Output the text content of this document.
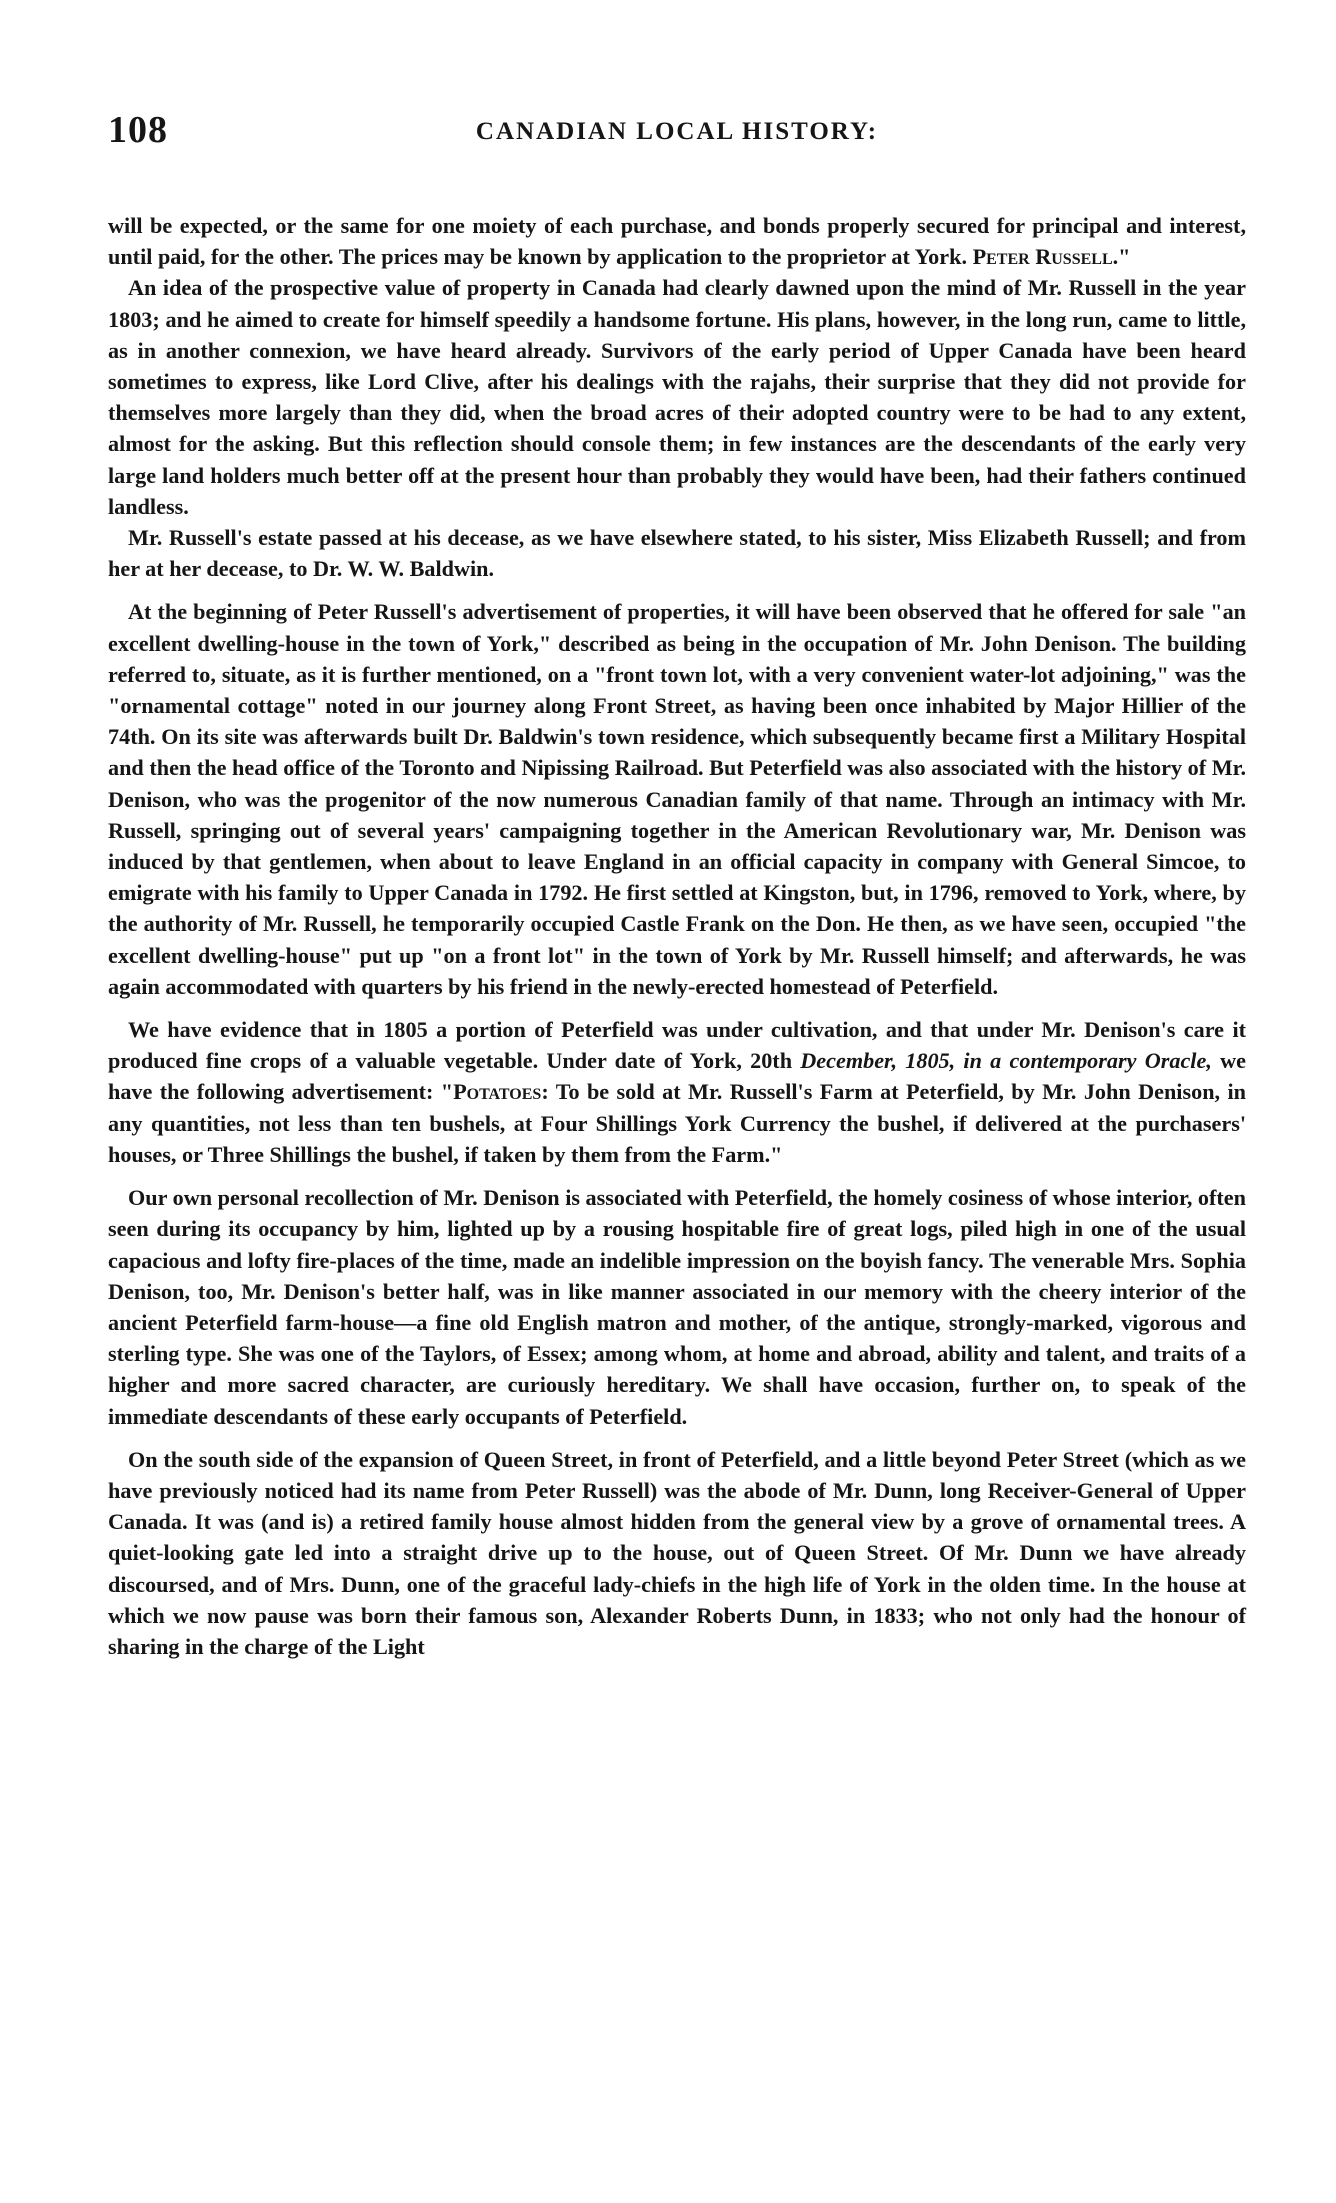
108	CANADIAN LOCAL HISTORY:

will be expected, or the same for one moiety of each purchase, and bonds properly secured for principal and interest, until paid, for the other. The prices may be known by application to the proprietor at York. Peter Russell."

An idea of the prospective value of property in Canada had clearly dawned upon the mind of Mr. Russell in the year 1803; and he aimed to create for himself speedily a handsome fortune. His plans, however, in the long run, came to little, as in another connexion, we have heard already. Survivors of the early period of Upper Canada have been heard sometimes to express, like Lord Clive, after his dealings with the rajahs, their surprise that they did not provide for themselves more largely than they did, when the broad acres of their adopted country were to be had to any extent, almost for the asking. But this reflection should console them; in few instances are the descendants of the early very large land holders much better off at the present hour than probably they would have been, had their fathers continued landless.

Mr. Russell's estate passed at his decease, as we have elsewhere stated, to his sister, Miss Elizabeth Russell; and from her at her decease, to Dr. W. W. Baldwin.

At the beginning of Peter Russell's advertisement of properties, it will have been observed that he offered for sale "an excellent dwelling-house in the town of York," described as being in the occupation of Mr. John Denison. The building referred to, situate, as it is further mentioned, on a "front town lot, with a very convenient water-lot adjoining," was the "ornamental cottage" noted in our journey along Front Street, as having been once inhabited by Major Hillier of the 74th. On its site was afterwards built Dr. Baldwin's town residence, which subsequently became first a Military Hospital and then the head office of the Toronto and Nipissing Railroad. But Peterfield was also associated with the history of Mr. Denison, who was the progenitor of the now numerous Canadian family of that name. Through an intimacy with Mr. Russell, springing out of several years' campaigning together in the American Revolutionary war, Mr. Denison was induced by that gentlemen, when about to leave England in an official capacity in company with General Simcoe, to emigrate with his family to Upper Canada in 1792. He first settled at Kingston, but, in 1796, removed to York, where, by the authority of Mr. Russell, he temporarily occupied Castle Frank on the Don. He then, as we have seen, occupied "the excellent dwelling-house" put up "on a front lot" in the town of York by Mr. Russell himself; and afterwards, he was again accommodated with quarters by his friend in the newly-erected homestead of Peterfield.

We have evidence that in 1805 a portion of Peterfield was under cultivation, and that under Mr. Denison's care it produced fine crops of a valuable vegetable. Under date of York, 20th December, 1805, in a contemporary Oracle, we have the following advertisement: "Potatoes: To be sold at Mr. Russell's Farm at Peterfield, by Mr. John Denison, in any quantities, not less than ten bushels, at Four Shillings York Currency the bushel, if delivered at the purchasers' houses, or Three Shillings the bushel, if taken by them from the Farm."

Our own personal recollection of Mr. Denison is associated with Peterfield, the homely cosiness of whose interior, often seen during its occupancy by him, lighted up by a rousing hospitable fire of great logs, piled high in one of the usual capacious and lofty fire-places of the time, made an indelible impression on the boyish fancy. The venerable Mrs. Sophia Denison, too, Mr. Denison's better half, was in like manner associated in our memory with the cheery interior of the ancient Peterfield farm-house—a fine old English matron and mother, of the antique, strongly-marked, vigorous and sterling type. She was one of the Taylors, of Essex; among whom, at home and abroad, ability and talent, and traits of a higher and more sacred character, are curiously hereditary. We shall have occasion, further on, to speak of the immediate descendants of these early occupants of Peterfield.

On the south side of the expansion of Queen Street, in front of Peterfield, and a little beyond Peter Street (which as we have previously noticed had its name from Peter Russell) was the abode of Mr. Dunn, long Receiver-General of Upper Canada. It was (and is) a retired family house almost hidden from the general view by a grove of ornamental trees. A quiet-looking gate led into a straight drive up to the house, out of Queen Street. Of Mr. Dunn we have already discoursed, and of Mrs. Dunn, one of the graceful lady-chiefs in the high life of York in the olden time. In the house at which we now pause was born their famous son, Alexander Roberts Dunn, in 1833; who not only had the honour of sharing in the charge of the Light
